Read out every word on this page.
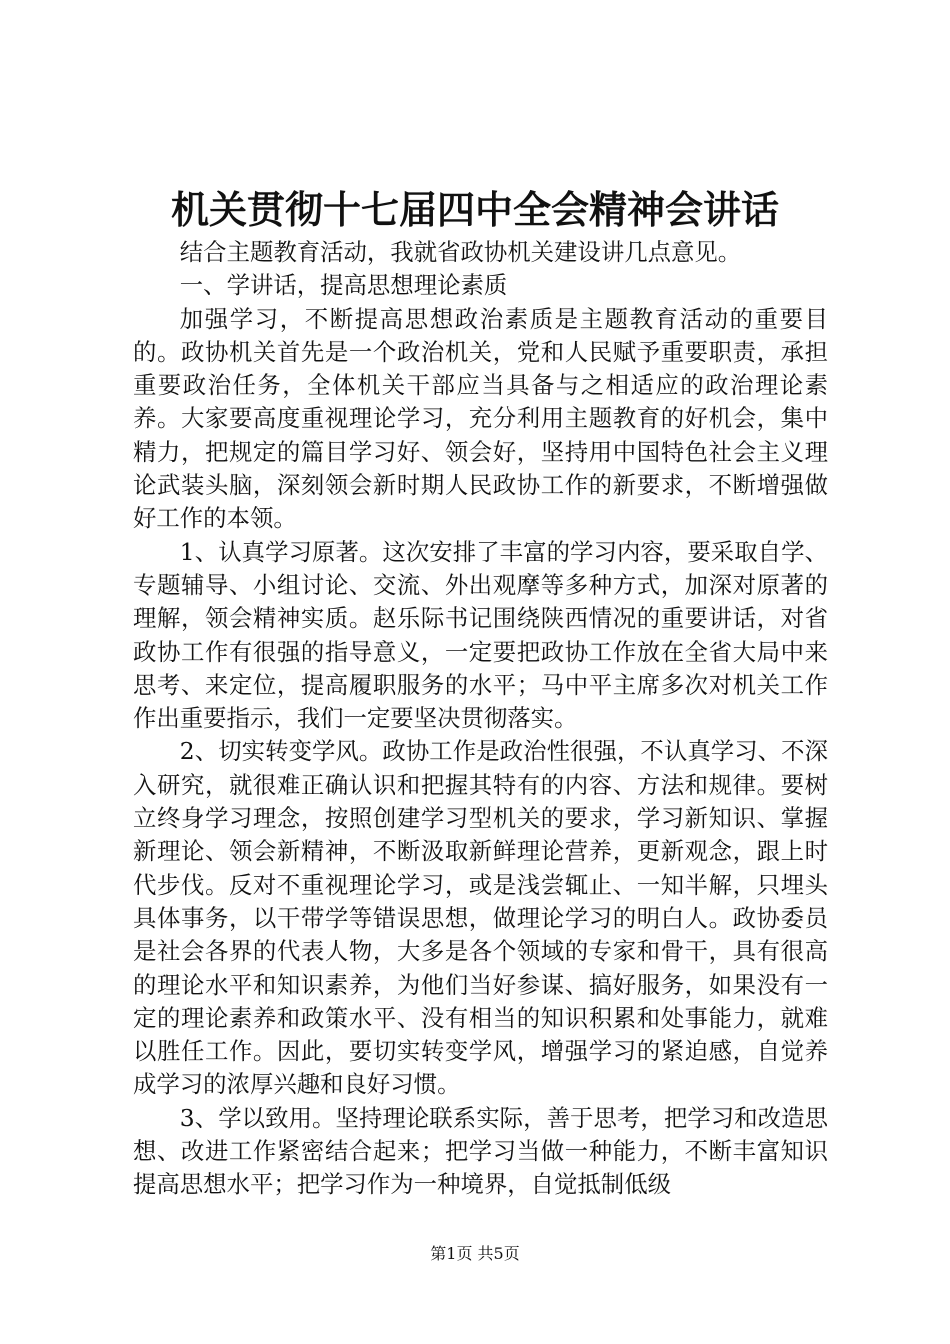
机关贯彻十七届四中全会精神会讲话

结合主题教育活动，我就省政协机关建设讲几点意见。

一、学讲话，提高思想理论素质

加强学习，不断提高思想政治素质是主题教育活动的重要目的。政协机关首先是一个政治机关，党和人民赋予重要职责，承担重要政治任务，全体机关干部应当具备与之相适应的政治理论素养。大家要高度重视理论学习，充分利用主题教育的好机会，集中精力，把规定的篇目学习好、领会好，坚持用中国特色社会主义理论武装头脑，深刻领会新时期人民政协工作的新要求，不断增强做好工作的本领。

1、认真学习原著。这次安排了丰富的学习内容，要采取自学、专题辅导、小组讨论、交流、外出观摩等多种方式，加深对原著的理解，领会精神实质。赵乐际书记围绕陕西情况的重要讲话，对省政协工作有很强的指导意义，一定要把政协工作放在全省大局中来思考、来定位，提高履职服务的水平；马中平主席多次对机关工作作出重要指示，我们一定要坚决贯彻落实。

2、切实转变学风。政协工作是政治性很强，不认真学习、不深入研究，就很难正确认识和把握其特有的内容、方法和规律。要树立终身学习理念，按照创建学习型机关的要求，学习新知识、掌握新理论、领会新精神，不断汲取新鲜理论营养，更新观念，跟上时代步伐。反对不重视理论学习，或是浅尝辄止、一知半解，只埋头具体事务，以干带学等错误思想，做理论学习的明白人。政协委员是社会各界的代表人物，大多是各个领域的专家和骨干，具有很高的理论水平和知识素养，为他们当好参谋、搞好服务，如果没有一定的理论素养和政策水平、没有相当的知识积累和处事能力，就难以胜任工作。因此，要切实转变学风，增强学习的紧迫感，自觉养成学习的浓厚兴趣和良好习惯。

3、学以致用。坚持理论联系实际，善于思考，把学习和改造思想、改进工作紧密结合起来；把学习当做一种能力，不断丰富知识提高思想水平；把学习作为一种境界，自觉抵制低级

第1页 共5页
